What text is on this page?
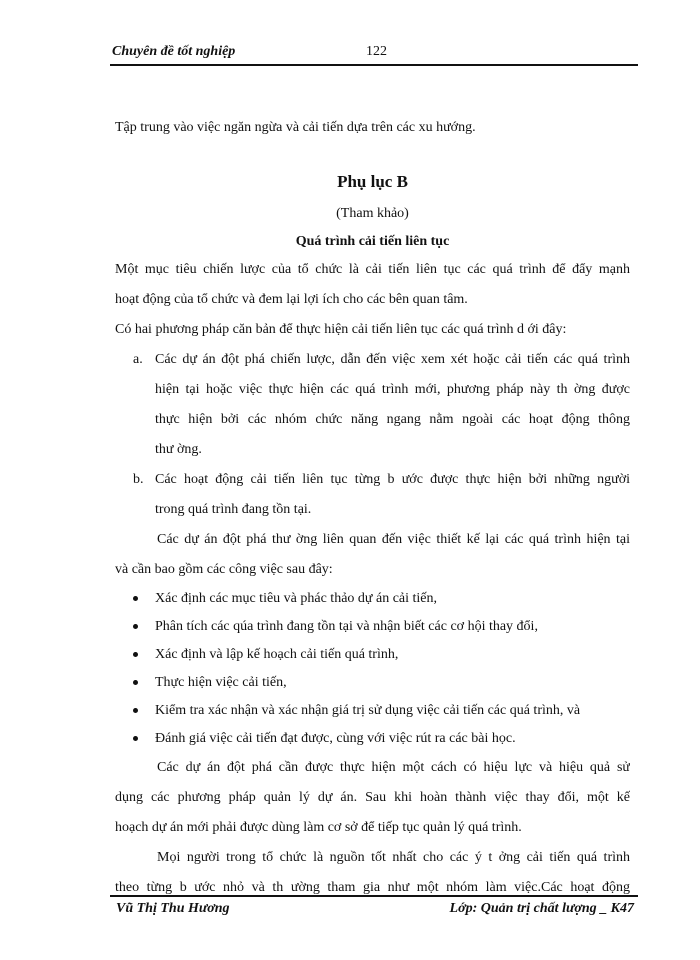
Chuyên đề tốt nghiệp	122
Tập trung vào việc ngăn ngừa và cải tiến dựa trên các xu hướng.
Phụ lục B
(Tham khảo)
Quá trình cải tiến liên tục
Một mục tiêu chiến lược của tổ chức là cải tiến liên tục các quá trình để đẩy mạnh
hoạt động của tổ chức và đem lại lợi ích cho các bên quan tâm.
Có hai phương pháp căn bản để thực hiện cải tiến liên tục các quá trình d ới đây:
a. Các dự án đột phá chiến lược, dẫn đến việc xem xét hoặc cải tiến các quá trình
hiện tại hoặc việc thực hiện các quá trình mới, phương pháp này th ờng được
thực hiện bởi các nhóm chức năng ngang nằm ngoài các hoạt động thông
thư ờng.
b. Các hoạt động cải tiến liên tục từng b ước được thực hiện bởi những người
trong quá trình đang tồn tại.
Các dự án đột phá thư ờng liên quan đến việc thiết kế lại các quá trình hiện tại
và cần bao gồm các công việc sau đây:
Xác định các mục tiêu và phác thảo dự án cải tiến,
Phân tích các qúa trình đang tồn tại và nhận biết các cơ hội thay đổi,
Xác định và lập kế hoạch cải tiến quá trình,
Thực hiện việc cải tiến,
Kiểm tra xác nhận và xác nhận giá trị sử dụng việc cải tiến các quá trình, và
Đánh giá việc cải tiến đạt được, cùng với việc rút ra các bài học.
Các dự án đột phá cần được thực hiện một cách có hiệu lực và hiệu quả sử
dụng các phương pháp quản lý dự án. Sau khi hoàn thành việc thay đổi, một kế
hoạch dự án mới phải được dùng làm cơ sở để tiếp tục quản lý quá trình.
Mọi người trong tổ chức là nguồn tốt nhất cho các ý t ởng cải tiến quá trình
theo từng b ước nhỏ và th ường tham gia như một nhóm làm việc.Các hoạt động
Vũ Thị Thu Hương	Lớp: Quản trị chất lượng _ K47
